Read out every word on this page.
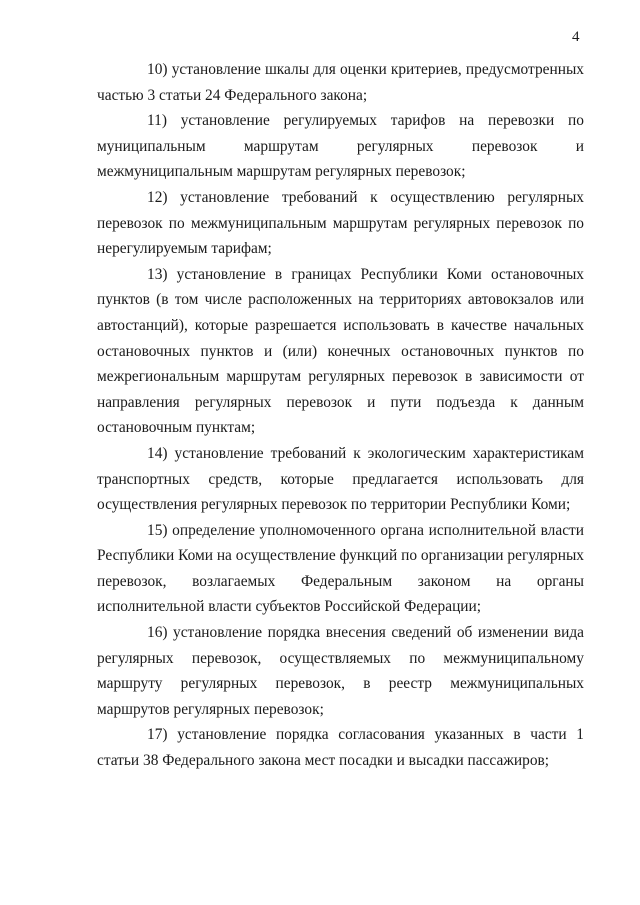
4

10) установление шкалы для оценки критериев, предусмотренных частью 3 статьи 24 Федерального закона;

11) установление регулируемых тарифов на перевозки по муниципальным маршрутам регулярных перевозок и межмуниципальным маршрутам регулярных перевозок;

12) установление требований к осуществлению регулярных перевозок по межмуниципальным маршрутам регулярных перевозок по нерегулируемым тарифам;

13) установление в границах Республики Коми остановочных пунктов (в том числе расположенных на территориях автовокзалов или автостанций), которые разрешается использовать в качестве начальных остановочных пунктов и (или) конечных остановочных пунктов по межрегиональным маршрутам регулярных перевозок в зависимости от направления регулярных перевозок и пути подъезда к данным остановочным пунктам;

14) установление требований к экологическим характеристикам транспортных средств, которые предлагается использовать для осуществления регулярных перевозок по территории Республики Коми;

15) определение уполномоченного органа исполнительной власти Республики Коми на осуществление функций по организации регулярных перевозок, возлагаемых Федеральным законом на органы исполнительной власти субъектов Российской Федерации;

16) установление порядка внесения сведений об изменении вида регулярных перевозок, осуществляемых по межмуниципальному маршруту регулярных перевозок, в реестр межмуниципальных маршрутов регулярных перевозок;

17) установление порядка согласования указанных в части 1 статьи 38 Федерального закона мест посадки и высадки пассажиров;
